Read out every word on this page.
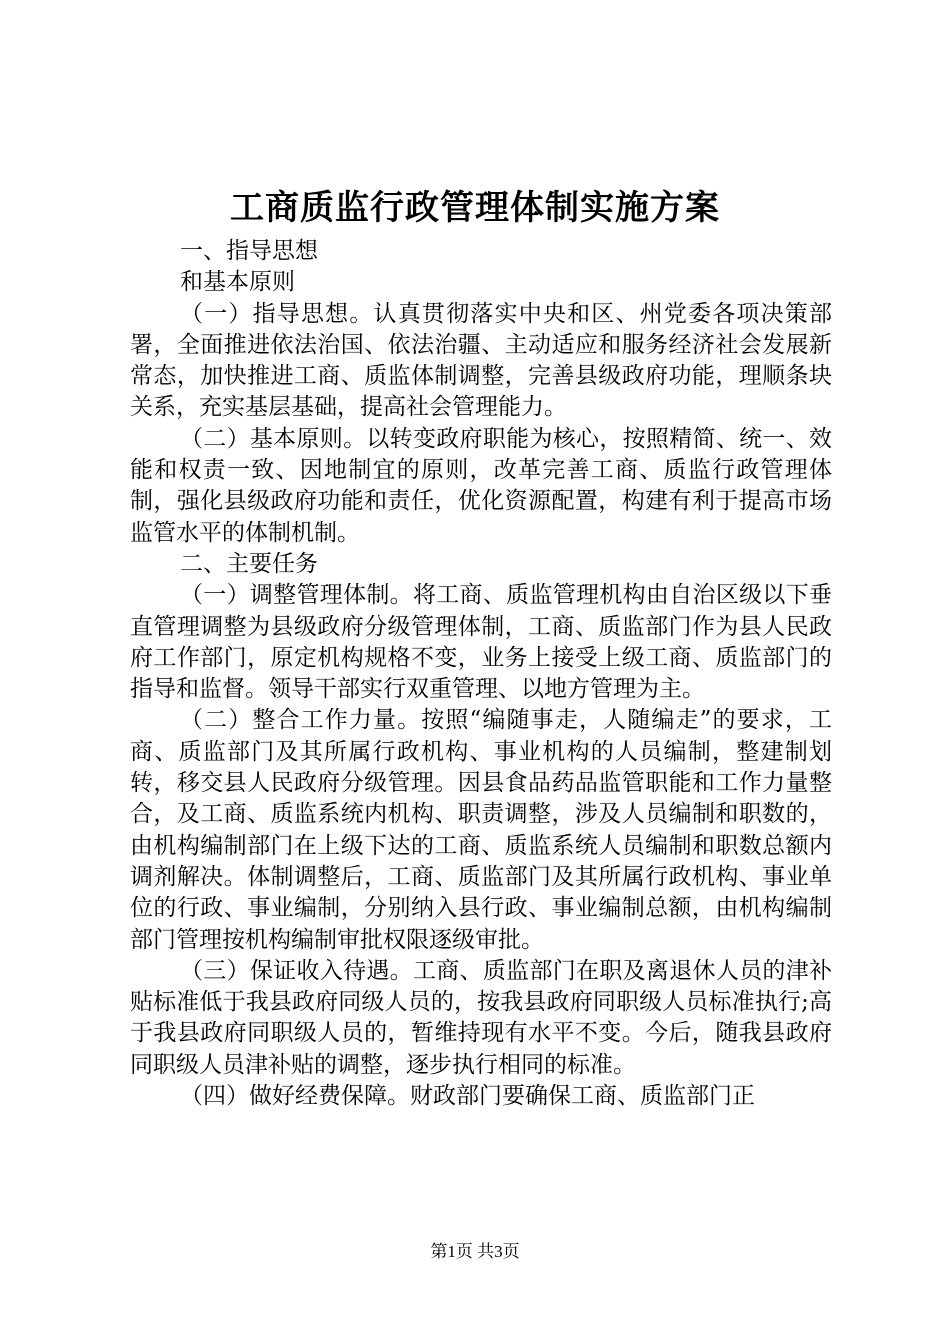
工商质监行政管理体制实施方案

一、指导思想

和基本原则

（一）指导思想。认真贯彻落实中央和区、州党委各项决策部署，全面推进依法治国、依法治疆、主动适应和服务经济社会发展新常态，加快推进工商、质监体制调整，完善县级政府功能，理顺条块关系，充实基层基础，提高社会管理能力。

（二）基本原则。以转变政府职能为核心，按照精简、统一、效能和权责一致、因地制宜的原则，改革完善工商、质监行政管理体制，强化县级政府功能和责任，优化资源配置，构建有利于提高市场监管水平的体制机制。

二、主要任务

（一）调整管理体制。将工商、质监管理机构由自治区级以下垂直管理调整为县级政府分级管理体制，工商、质监部门作为县人民政府工作部门，原定机构规格不变，业务上接受上级工商、质监部门的指导和监督。领导干部实行双重管理、以地方管理为主。

（二）整合工作力量。按照“编随事走，人随编走”的要求，工商、质监部门及其所属行政机构、事业机构的人员编制，整建制划转，移交县人民政府分级管理。因县食品药品监管职能和工作力量整合，及工商、质监系统内机构、职责调整，涉及人员编制和职数的，由机构编制部门在上级下达的工商、质监系统人员编制和职数总额内调剂解决。体制调整后，工商、质监部门及其所属行政机构、事业单位的行政、事业编制，分别纳入县行政、事业编制总额，由机构编制部门管理按机构编制审批权限逐级审批。

（三）保证收入待遇。工商、质监部门在职及离退休人员的津补贴标准低于我县政府同级人员的，按我县政府同职级人员标准执行;高于我县政府同职级人员的，暂维持现有水平不变。今后，随我县政府同职级人员津补贴的调整，逐步执行相同的标准。

（四）做好经费保障。财政部门要确保工商、质监部门正

第1页 共3页
